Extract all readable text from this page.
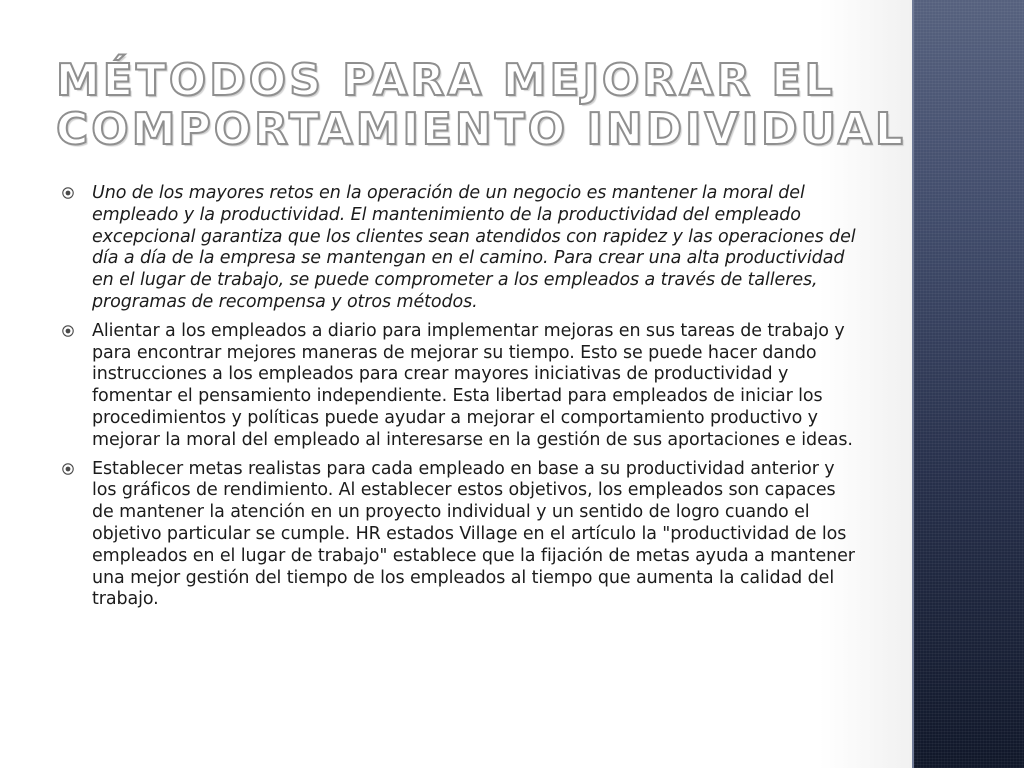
MÉTODOS PARA MEJORAR EL
COMPORTAMIENTO INDIVIDUAL
Uno de los mayores retos en la operación de un negocio es mantener la moral del empleado y la productividad. El mantenimiento de la productividad del empleado excepcional garantiza que los clientes sean atendidos con rapidez y las operaciones del día a día de la empresa se mantengan en el camino. Para crear una alta productividad en el lugar de trabajo, se puede comprometer a los empleados a través de talleres, programas de recompensa y otros métodos.
Alientar a los empleados a diario para implementar mejoras en sus tareas de trabajo y para encontrar mejores maneras de mejorar su tiempo. Esto se puede hacer dando instrucciones a los empleados para crear mayores iniciativas de productividad y fomentar el pensamiento independiente. Esta libertad para empleados de iniciar los procedimientos y políticas puede ayudar a mejorar el comportamiento productivo y mejorar la moral del empleado al interesarse en la gestión de sus aportaciones e ideas.
Establecer metas realistas para cada empleado en base a su productividad anterior y los gráficos de rendimiento. Al establecer estos objetivos, los empleados son capaces de mantener la atención en un proyecto individual y un sentido de logro cuando el objetivo particular se cumple. HR estados Village en el artículo la "productividad de los empleados en el lugar de trabajo" establece que la fijación de metas ayuda a mantener una mejor gestión del tiempo de los empleados al tiempo que aumenta la calidad del trabajo.
